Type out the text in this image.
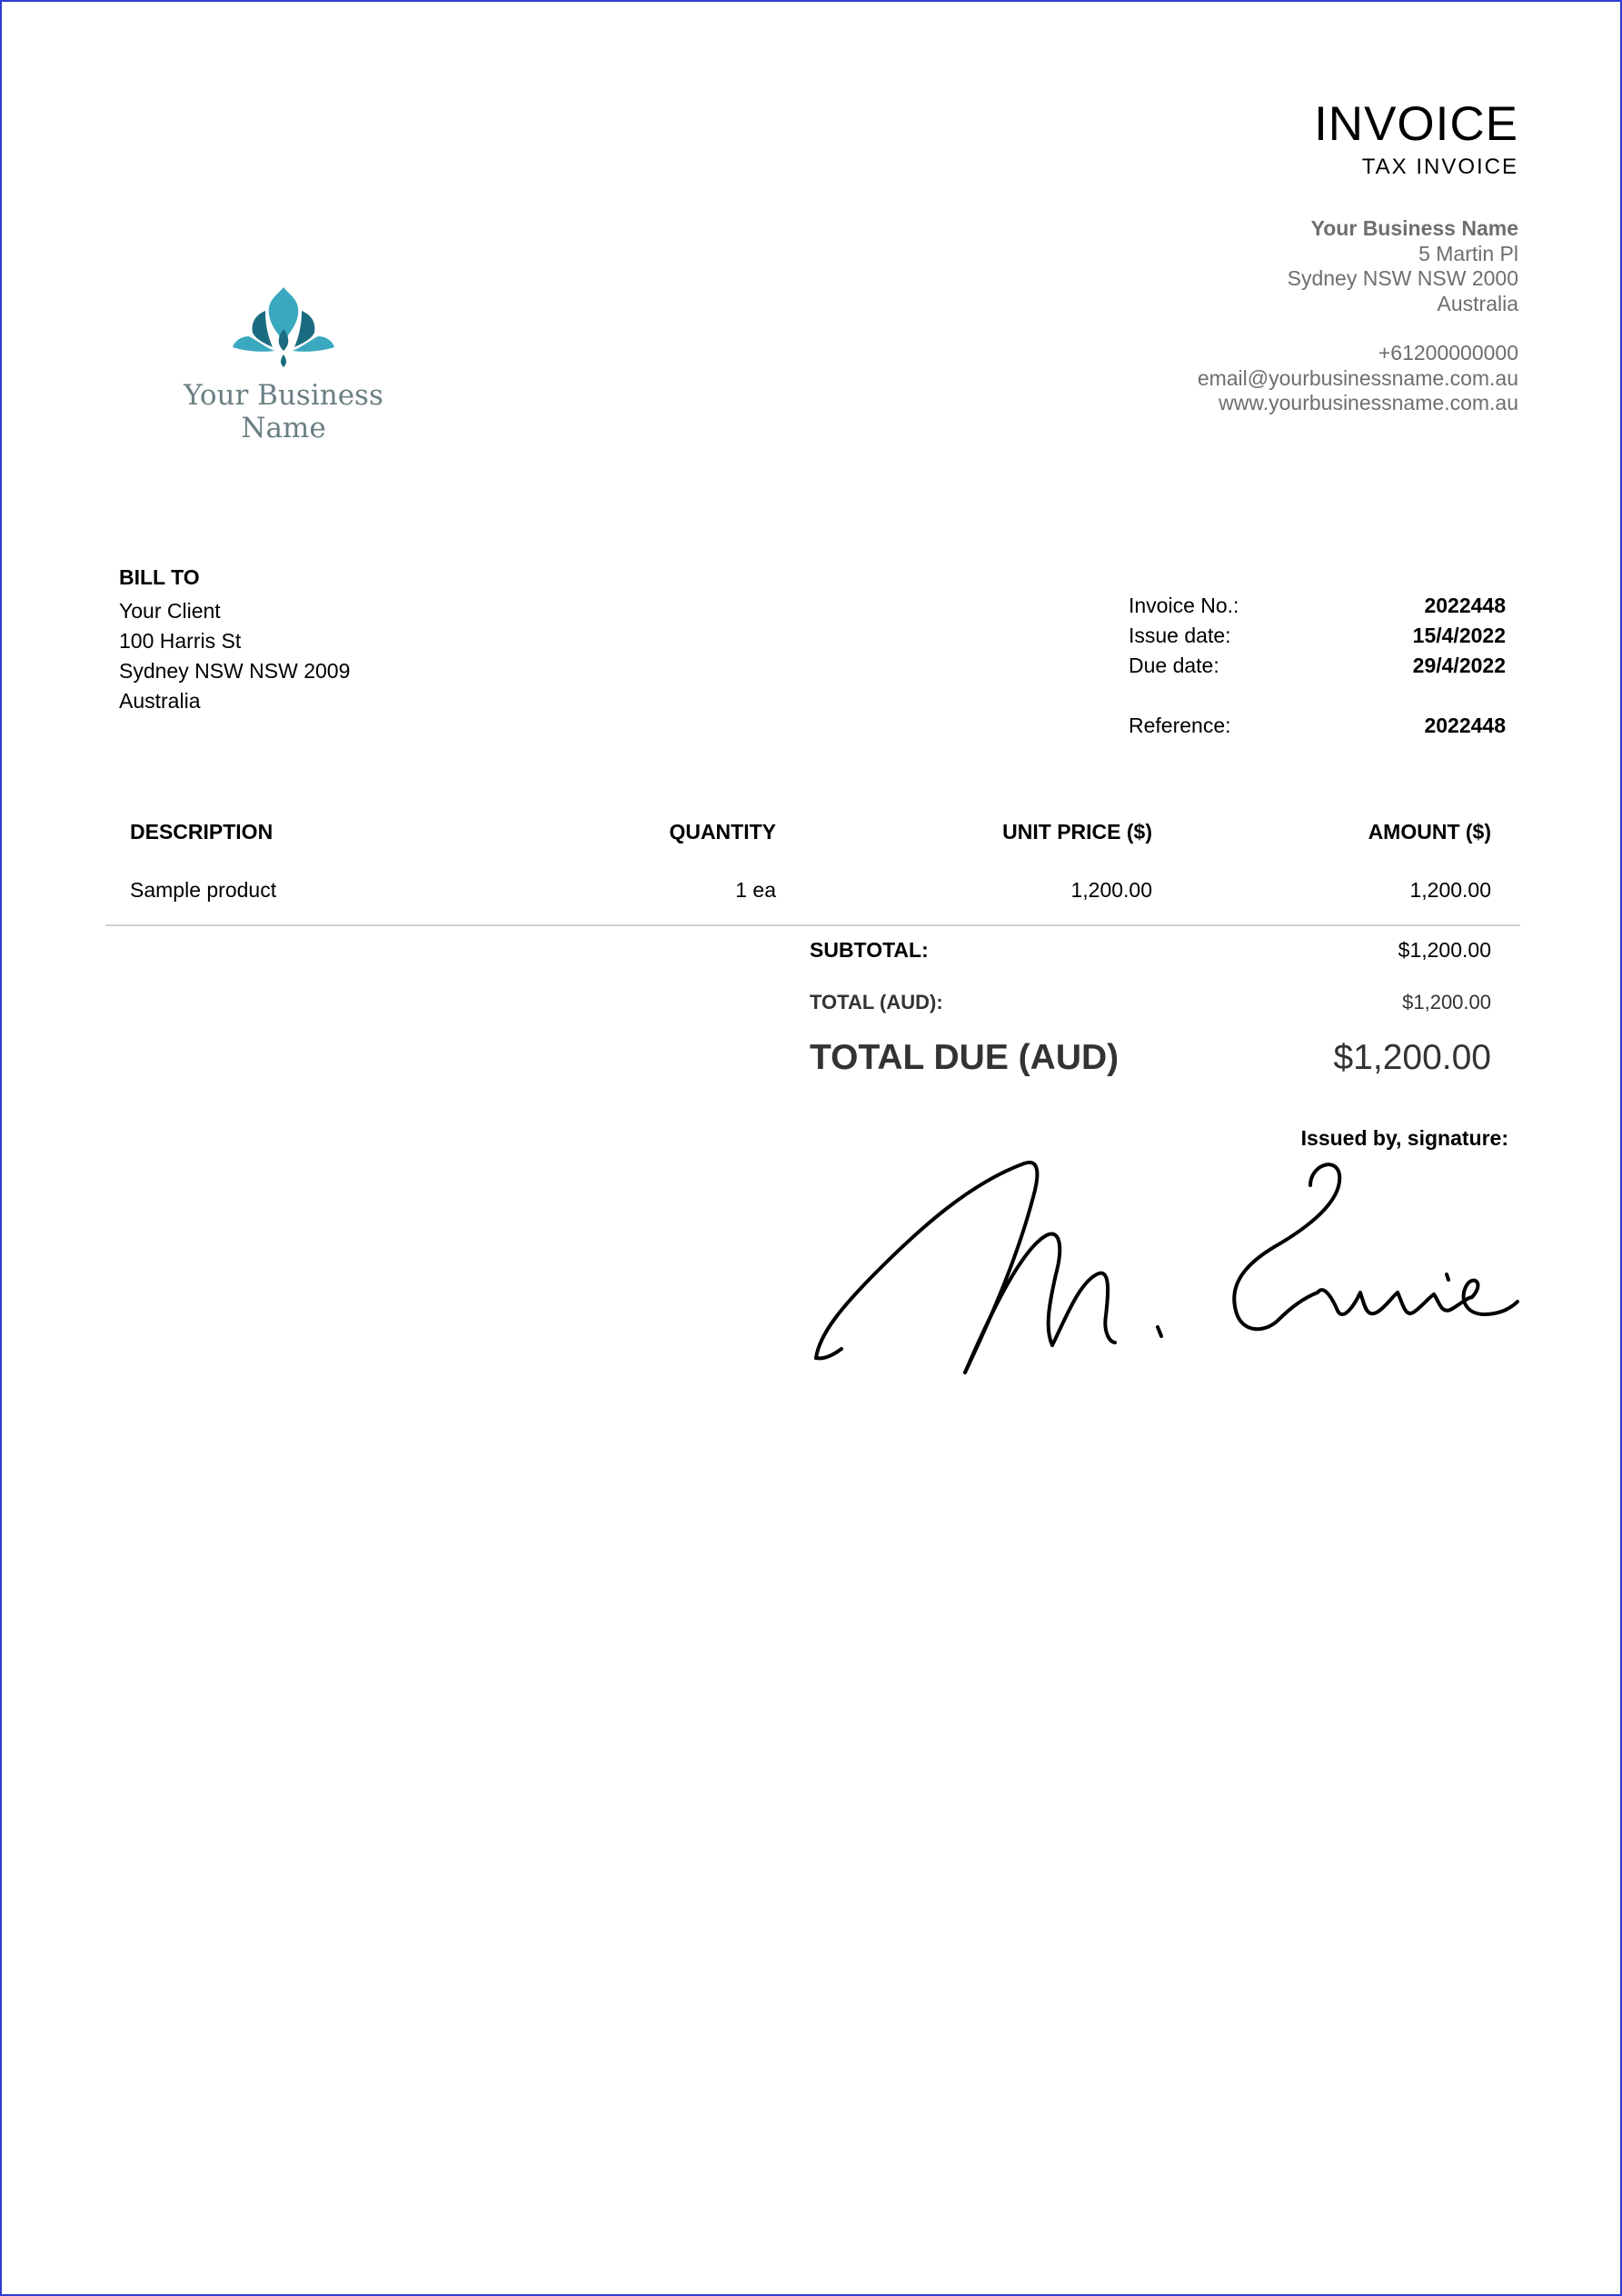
INVOICE
TAX INVOICE
Your Business Name
5 Martin Pl
Sydney NSW NSW 2000
Australia
+61200000000
email@yourbusinessname.com.au
www.yourbusinessname.com.au
Your Business Name
BILL TO
Your Client
100 Harris St
Sydney NSW NSW 2009
Australia
Invoice No.:	2022448
Issue date:	15/4/2022
Due date:	29/4/2022
Reference:	2022448
DESCRIPTION	QUANTITY	UNIT PRICE ($)	AMOUNT ($)
Sample product	1 ea	1,200.00	1,200.00
SUBTOTAL:	$1,200.00
TOTAL (AUD):	$1,200.00
TOTAL DUE (AUD)	$1,200.00
Issued by, signature:
